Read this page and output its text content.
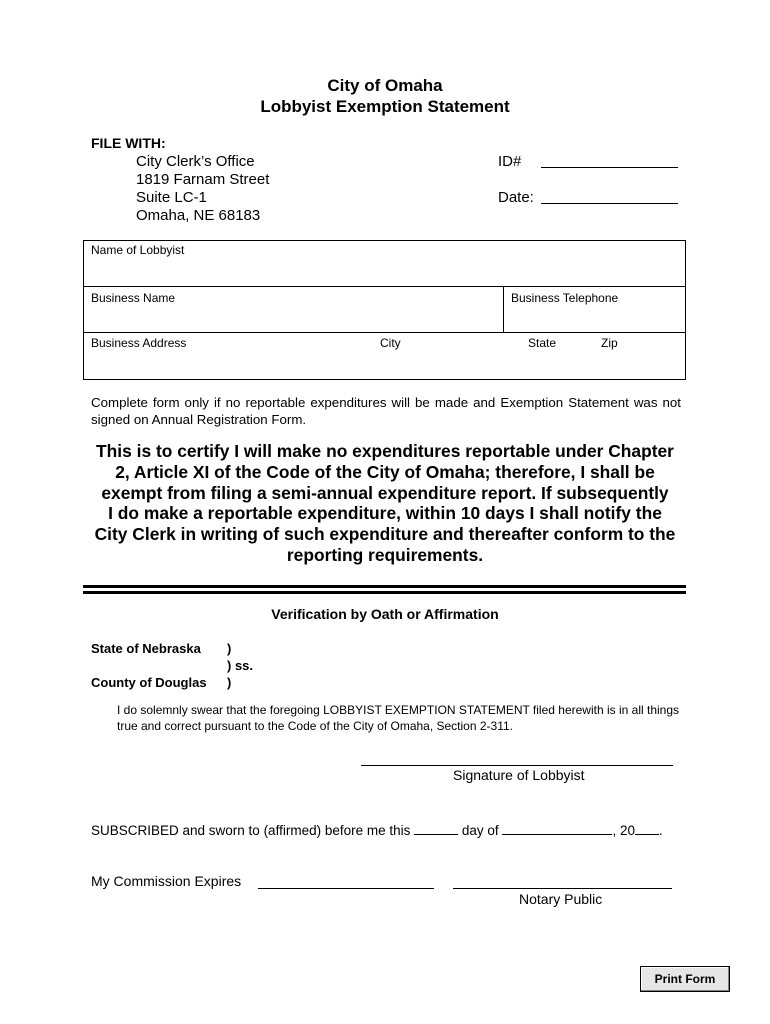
City of Omaha
Lobbyist Exemption Statement
FILE WITH:
City Clerk’s Office
1819 Farnam Street
Suite LC-1
Omaha, NE 68183
ID#
Date:
Name of Lobbyist
Business Name	Business Telephone
Business Address	City	State	Zip
Complete form only if no reportable expenditures will be made and Exemption Statement was not signed on Annual Registration Form.
This is to certify I will make no expenditures reportable under Chapter
2, Article XI of the Code of the City of Omaha; therefore, I shall be
exempt from filing a semi-annual expenditure report. If subsequently
I do make a reportable expenditure, within 10 days I shall notify the
City Clerk in writing of such expenditure and thereafter conform to the
reporting requirements.
Verification by Oath or Affirmation
State of Nebraska )
) ss.
County of Douglas )
I do solemnly swear that the foregoing LOBBYIST EXEMPTION STATEMENT filed herewith is in all things true and correct pursuant to the Code of the City of Omaha, Section 2-311.
Signature of Lobbyist
SUBSCRIBED and sworn to (affirmed) before me this	day of	, 20 .
My Commission Expires
Notary Public
Print Form
